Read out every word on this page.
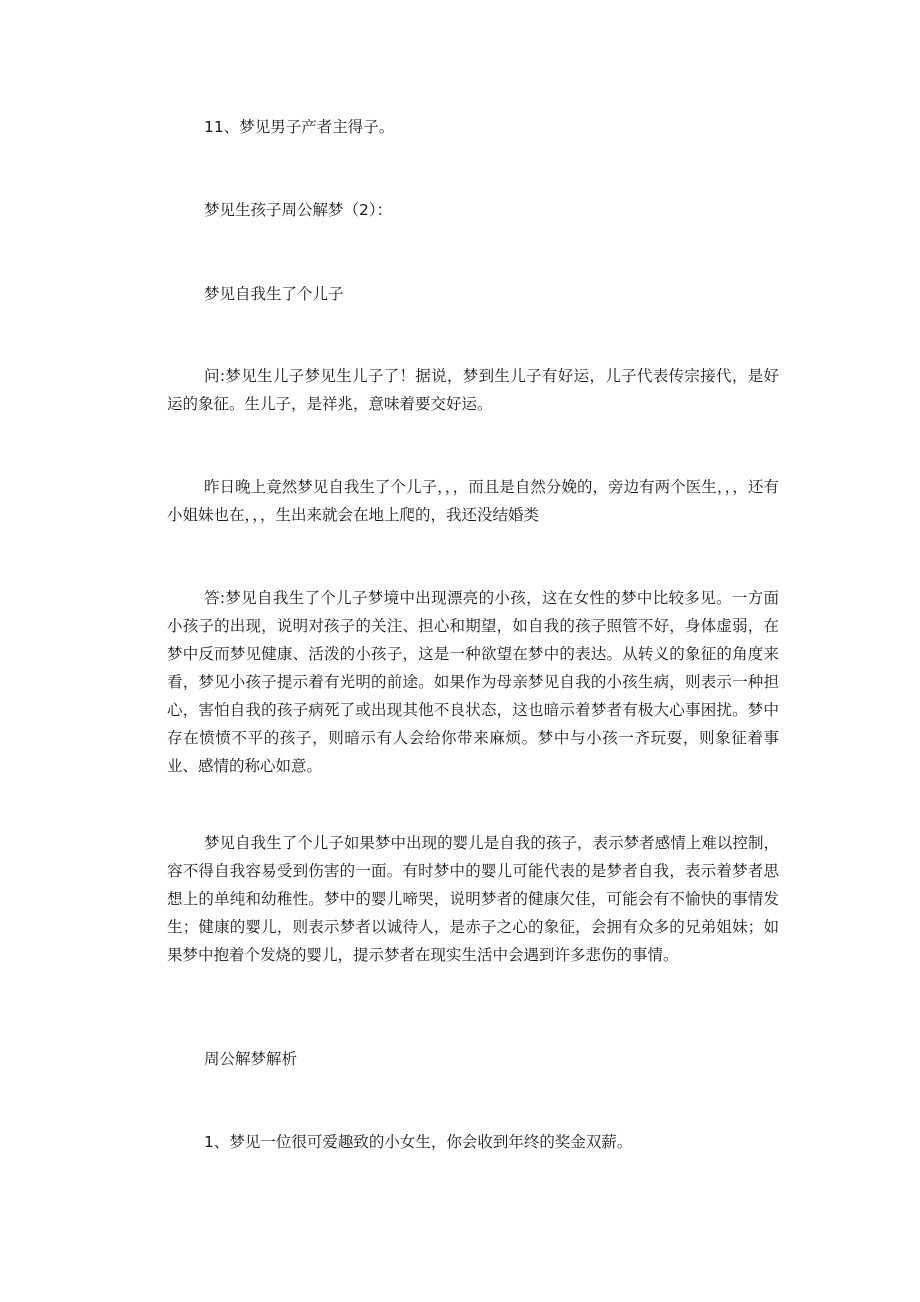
11、梦见男子产者主得子。

梦见生孩子周公解梦（2）：

梦见自我生了个儿子

问:梦见生儿子梦见生儿子了！据说，梦到生儿子有好运，儿子代表传宗接代，是好运的象征。生儿子，是祥兆，意味着要交好运。

昨日晚上竟然梦见自我生了个儿子，，，而且是自然分娩的，旁边有两个医生，，，还有小姐妹也在，，，生出来就会在地上爬的，我还没结婚类

答:梦见自我生了个儿子梦境中出现漂亮的小孩，这在女性的梦中比较多见。一方面小孩子的出现，说明对孩子的关注、担心和期望，如自我的孩子照管不好，身体虚弱，在梦中反而梦见健康、活泼的小孩子，这是一种欲望在梦中的表达。从转义的象征的角度来看，梦见小孩子提示着有光明的前途。如果作为母亲梦见自我的小孩生病，则表示一种担心，害怕自我的孩子病死了或出现其他不良状态，这也暗示着梦者有极大心事困扰。梦中存在愤愤不平的孩子，则暗示有人会给你带来麻烦。梦中与小孩一齐玩耍，则象征着事业、感情的称心如意。

梦见自我生了个儿子如果梦中出现的婴儿是自我的孩子，表示梦者感情上难以控制，容不得自我容易受到伤害的一面。有时梦中的婴儿可能代表的是梦者自我，表示着梦者思想上的单纯和幼稚性。梦中的婴儿啼哭，说明梦者的健康欠佳，可能会有不愉快的事情发生；健康的婴儿，则表示梦者以诚待人，是赤子之心的象征，会拥有众多的兄弟姐妹；如果梦中抱着个发烧的婴儿，提示梦者在现实生活中会遇到许多悲伤的事情。

周公解梦解析

1、梦见一位很可爱趣致的小女生，你会收到年终的奖金双薪。
